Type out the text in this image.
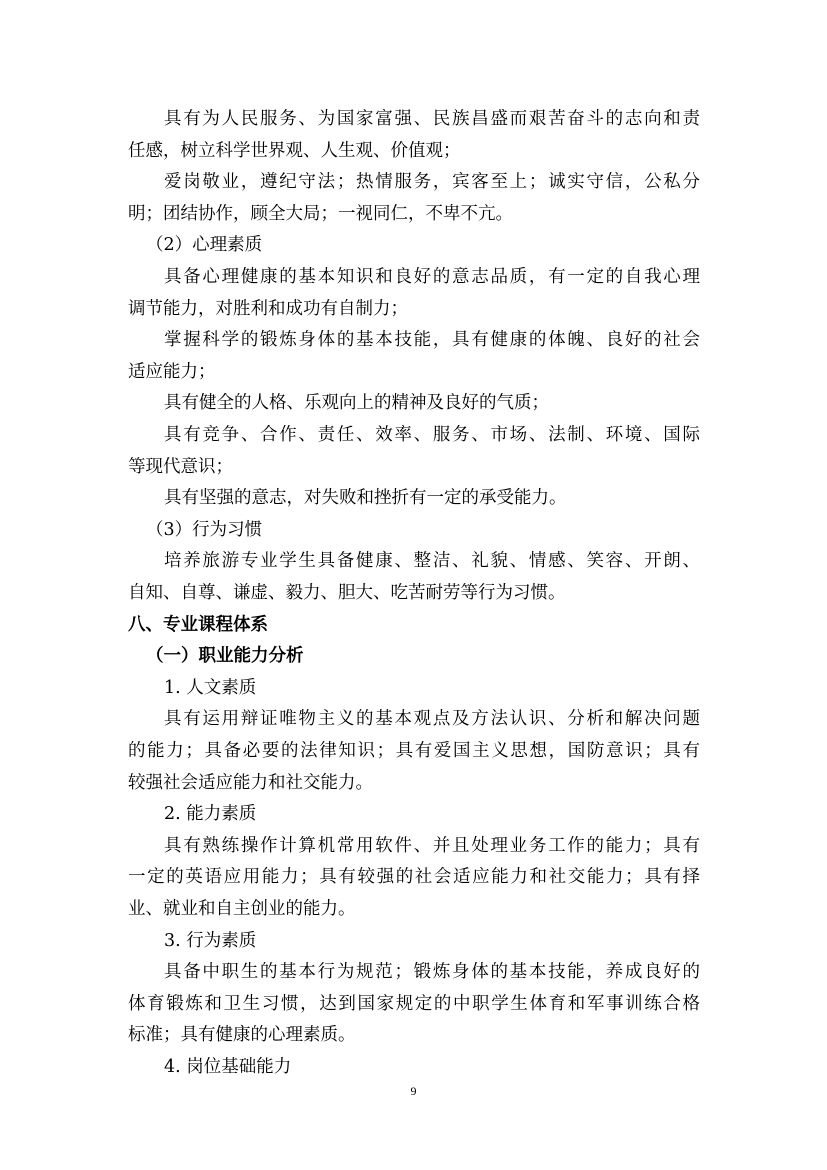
具有为人民服务、为国家富强、民族昌盛而艰苦奋斗的志向和责
任感，树立科学世界观、人生观、价值观；
爱岗敬业，遵纪守法；热情服务，宾客至上；诚实守信，公私分
明；团结协作，顾全大局；一视同仁，不卑不亢。
（2）心理素质
具备心理健康的基本知识和良好的意志品质，有一定的自我心理
调节能力，对胜利和成功有自制力；
掌握科学的锻炼身体的基本技能，具有健康的体魄、良好的社会
适应能力；
具有健全的人格、乐观向上的精神及良好的气质；
具有竞争、合作、责任、效率、服务、市场、法制、环境、国际
等现代意识；
具有坚强的意志，对失败和挫折有一定的承受能力。
（3）行为习惯
培养旅游专业学生具备健康、整洁、礼貌、情感、笑容、开朗、
自知、自尊、谦虚、毅力、胆大、吃苦耐劳等行为习惯。
八、专业课程体系
（一）职业能力分析
1. 人文素质
具有运用辩证唯物主义的基本观点及方法认识、分析和解决问题
的能力；具备必要的法律知识；具有爱国主义思想，国防意识；具有
较强社会适应能力和社交能力。
2. 能力素质
具有熟练操作计算机常用软件、并且处理业务工作的能力；具有
一定的英语应用能力；具有较强的社会适应能力和社交能力；具有择
业、就业和自主创业的能力。
3. 行为素质
具备中职生的基本行为规范；锻炼身体的基本技能，养成良好的
体育锻炼和卫生习惯，达到国家规定的中职学生体育和军事训练合格
标准；具有健康的心理素质。
4. 岗位基础能力
9
